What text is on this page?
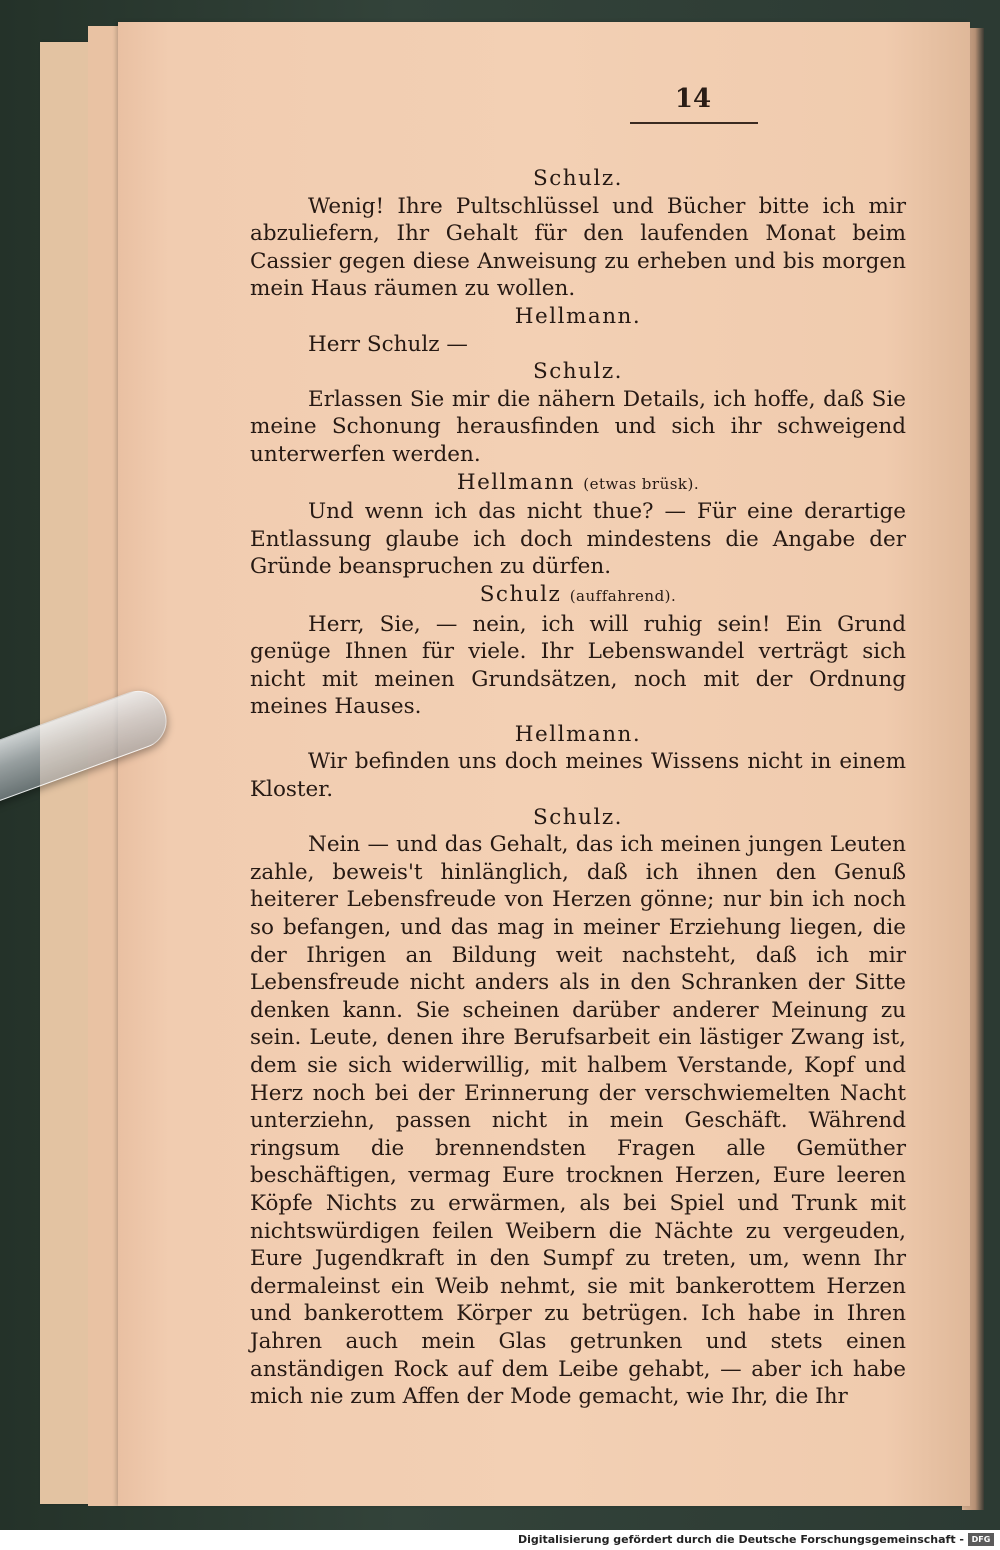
14

Schulz.

Wenig! Ihre Pultschlüssel und Bücher bitte ich mir abzuliefern, Ihr Gehalt für den laufenden Monat beim Cassier gegen diese Anweisung zu erheben und bis morgen mein Haus räumen zu wollen.

Hellmann.

Herr Schulz —

Schulz.

Erlassen Sie mir die nähern Details, ich hoffe, daß Sie meine Schonung herausfinden und sich ihr schweigend unterwerfen werden.

Hellmann (etwas brüsk).

Und wenn ich das nicht thue? — Für eine derartige Entlassung glaube ich doch mindestens die Angabe der Gründe beanspruchen zu dürfen.

Schulz (auffahrend).

Herr, Sie, — nein, ich will ruhig sein! Ein Grund genüge Ihnen für viele. Ihr Lebenswandel verträgt sich nicht mit meinen Grundsätzen, noch mit der Ordnung meines Hauses.

Hellmann.

Wir befinden uns doch meines Wissens nicht in einem Kloster.

Schulz.

Nein — und das Gehalt, das ich meinen jungen Leuten zahle, beweis't hinlänglich, daß ich ihnen den Genuß heiterer Lebensfreude von Herzen gönne; nur bin ich noch so befangen, und das mag in meiner Erziehung liegen, die der Ihrigen an Bildung weit nachsteht, daß ich mir Lebensfreude nicht anders als in den Schranken der Sitte denken kann. Sie scheinen darüber anderer Meinung zu sein. Leute, denen ihre Berufsarbeit ein lästiger Zwang ist, dem sie sich widerwillig, mit halbem Verstande, Kopf und Herz noch bei der Erinnerung der verschwiemelten Nacht unterziehn, passen nicht in mein Geschäft. Während ringsum die brennendsten Fragen alle Gemüther beschäftigen, vermag Eure trocknen Herzen, Eure leeren Köpfe Nichts zu erwärmen, als bei Spiel und Trunk mit nichtswürdigen feilen Weibern die Nächte zu vergeuden, Eure Jugendkraft in den Sumpf zu treten, um, wenn Ihr dermaleinst ein Weib nehmt, sie mit bankerottem Herzen und bankerottem Körper zu betrügen. Ich habe in Ihren Jahren auch mein Glas getrunken und stets einen anständigen Rock auf dem Leibe gehabt, — aber ich habe mich nie zum Affen der Mode gemacht, wie Ihr, die Ihr

Digitalisierung gefördert durch die Deutsche Forschungsgemeinschaft - DFG
